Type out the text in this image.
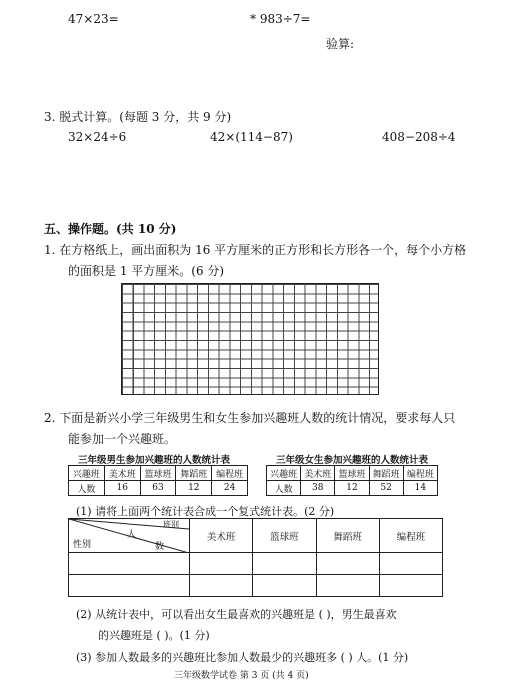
47×23=	* 983÷7=
验算:
3. 脱式计算。(每题 3 分，共 9 分)
32×24÷6	42×(114−87)	408−208÷4
五、操作题。(共 10 分)
1. 在方格纸上，画出面积为 16 平方厘米的正方形和长方形各一个，每个小方格
的面积是 1 平方厘米。(6 分)
2. 下面是新兴小学三年级男生和女生参加兴趣班人数的统计情况，要求每人只
能参加一个兴趣班。
三年级男生参加兴趣班的人数统计表
兴趣班	美术班	篮球班	舞蹈班	编程班
人数	16	63	12	24
三年级女生参加兴趣班的人数统计表
兴趣班	美术班	篮球班	舞蹈班	编程班
人数	38	12	52	14
(1) 请将上面两个统计表合成一个复式统计表。(2 分)
班别
人
数
性别	美术班	篮球班	舞蹈班	编程班

(2) 从统计表中，可以看出女生最喜欢的兴趣班是 ( )，男生最喜欢
的兴趣班是 ( )。(1 分)
(3) 参加人数最多的兴趣班比参加人数最少的兴趣班多 ( ) 人。(1 分)
三年级数学试卷 第 3 页 (共 4 页)
